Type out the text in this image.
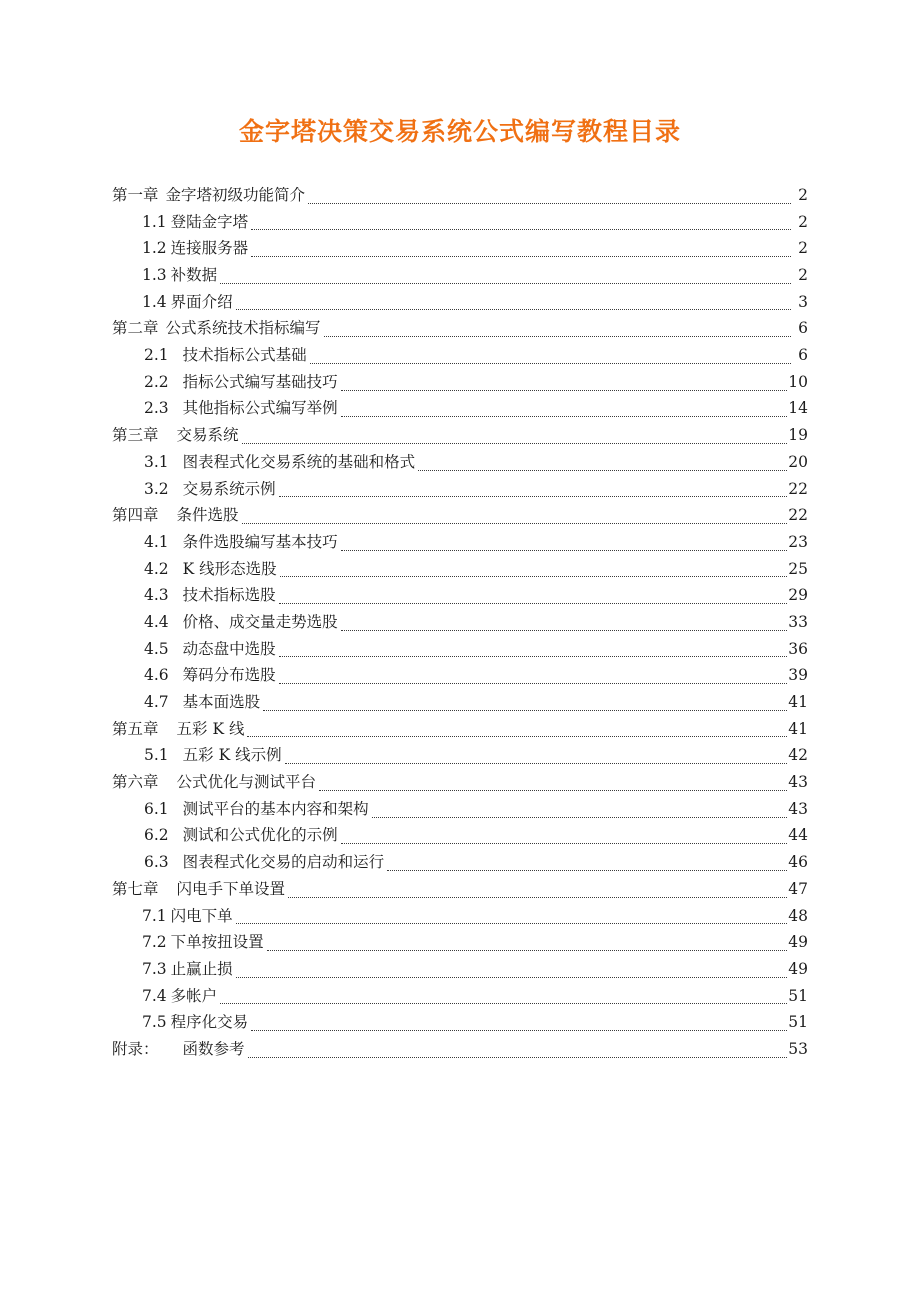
金字塔决策交易系统公式编写教程目录
第一章 金字塔初级功能简介	2
1.1 登陆金字塔	2
1.2 连接服务器	2
1.3 补数据	2
1.4 界面介绍	3
第二章 公式系统技术指标编写	6
2.1 技术指标公式基础	6
2.2 指标公式编写基础技巧	10
2.3 其他指标公式编写举例	14
第三章 交易系统	19
3.1 图表程式化交易系统的基础和格式	20
3.2 交易系统示例	22
第四章 条件选股	22
4.1 条件选股编写基本技巧	23
4.2 K 线形态选股	25
4.3 技术指标选股	29
4.4 价格、成交量走势选股	33
4.5 动态盘中选股	36
4.6 筹码分布选股	39
4.7 基本面选股	41
第五章 五彩 K 线	41
5.1 五彩 K 线示例	42
第六章 公式优化与测试平台	43
6.1 测试平台的基本内容和架构	43
6.2 测试和公式优化的示例	44
6.3 图表程式化交易的启动和运行	46
第七章 闪电手下单设置	47
7.1 闪电下单	48
7.2 下单按扭设置	49
7.3 止赢止损	49
7.4 多帐户	51
7.5 程序化交易	51
附录： 函数参考	53
